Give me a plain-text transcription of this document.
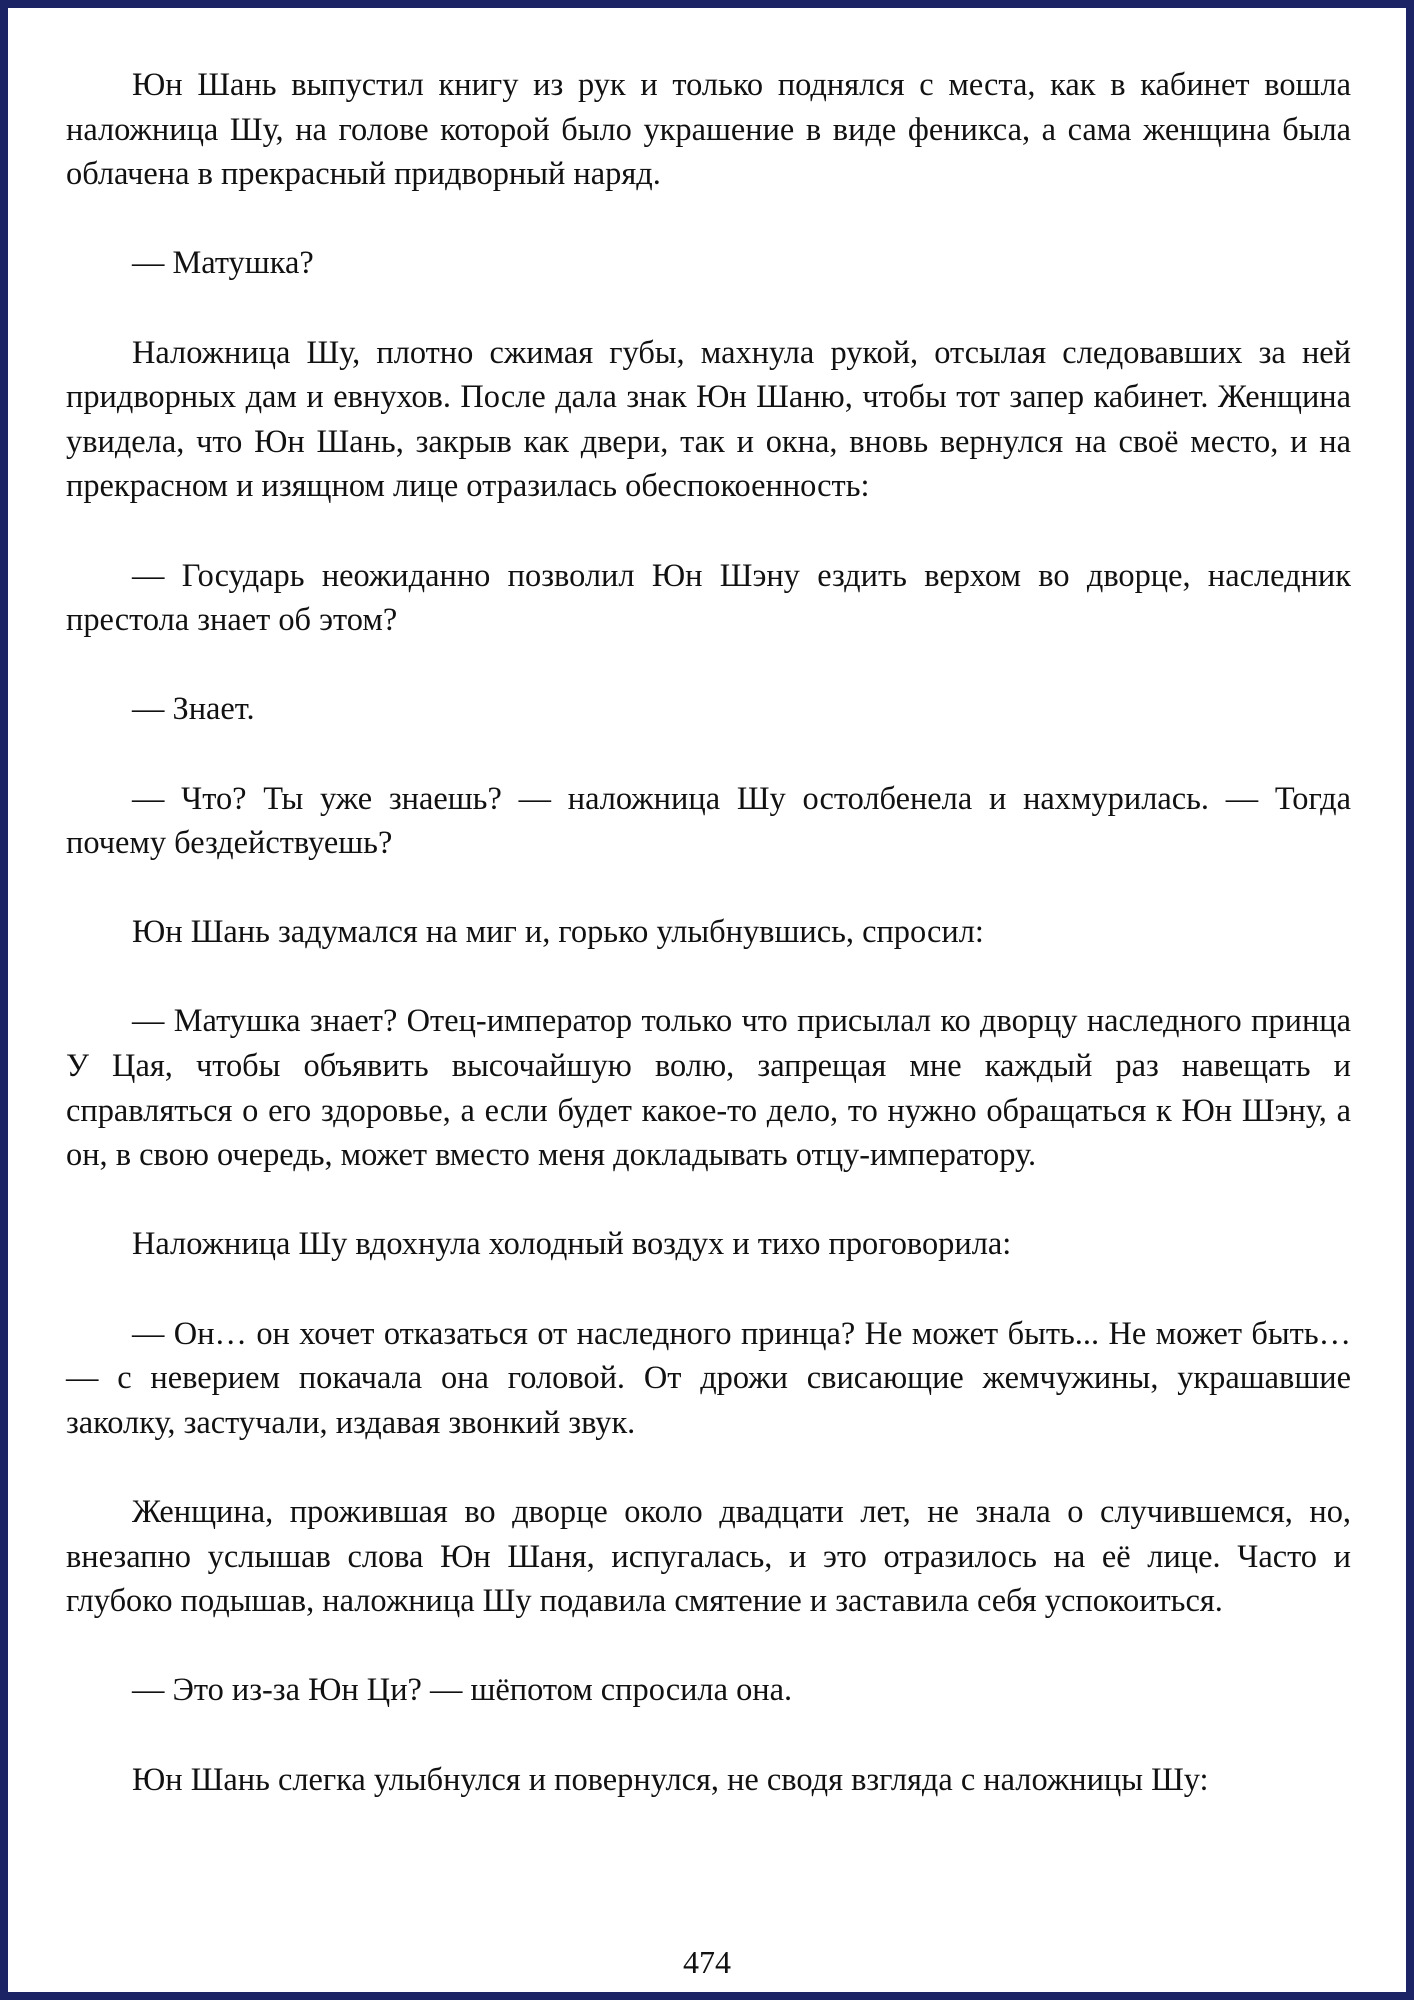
Юн Шань выпустил книгу из рук и только поднялся с места, как в кабинет вошла наложница Шу, на голове которой было украшение в виде феникса, а сама женщина была облачена в прекрасный придворный наряд.

— Матушка?

Наложница Шу, плотно сжимая губы, махнула рукой, отсылая следовавших за ней придворных дам и евнухов. После дала знак Юн Шаню, чтобы тот запер кабинет. Женщина увидела, что Юн Шань, закрыв как двери, так и окна, вновь вернулся на своё место, и на прекрасном и изящном лице отразилась обеспокоенность:

— Государь неожиданно позволил Юн Шэну ездить верхом во дворце, наследник престола знает об этом?

— Знает.

— Что? Ты уже знаешь? — наложница Шу остолбенела и нахмурилась. — Тогда почему бездействуешь?

Юн Шань задумался на миг и, горько улыбнувшись, спросил:

— Матушка знает? Отец-император только что присылал ко дворцу наследного принца У Цая, чтобы объявить высочайшую волю, запрещая мне каждый раз навещать и справляться о его здоровье, а если будет какое-то дело, то нужно обращаться к Юн Шэну, а он, в свою очередь, может вместо меня докладывать отцу-императору.

Наложница Шу вдохнула холодный воздух и тихо проговорила:

— Он… он хочет отказаться от наследного принца? Не может быть... Не может быть… — с неверием покачала она головой. От дрожи свисающие жемчужины, украшавшие заколку, застучали, издавая звонкий звук.

Женщина, прожившая во дворце около двадцати лет, не знала о случившемся, но, внезапно услышав слова Юн Шаня, испугалась, и это отразилось на её лице. Часто и глубоко подышав, наложница Шу подавила смятение и заставила себя успокоиться.

— Это из-за Юн Ци? — шёпотом спросила она.

Юн Шань слегка улыбнулся и повернулся, не сводя взгляда с наложницы Шу:

474
